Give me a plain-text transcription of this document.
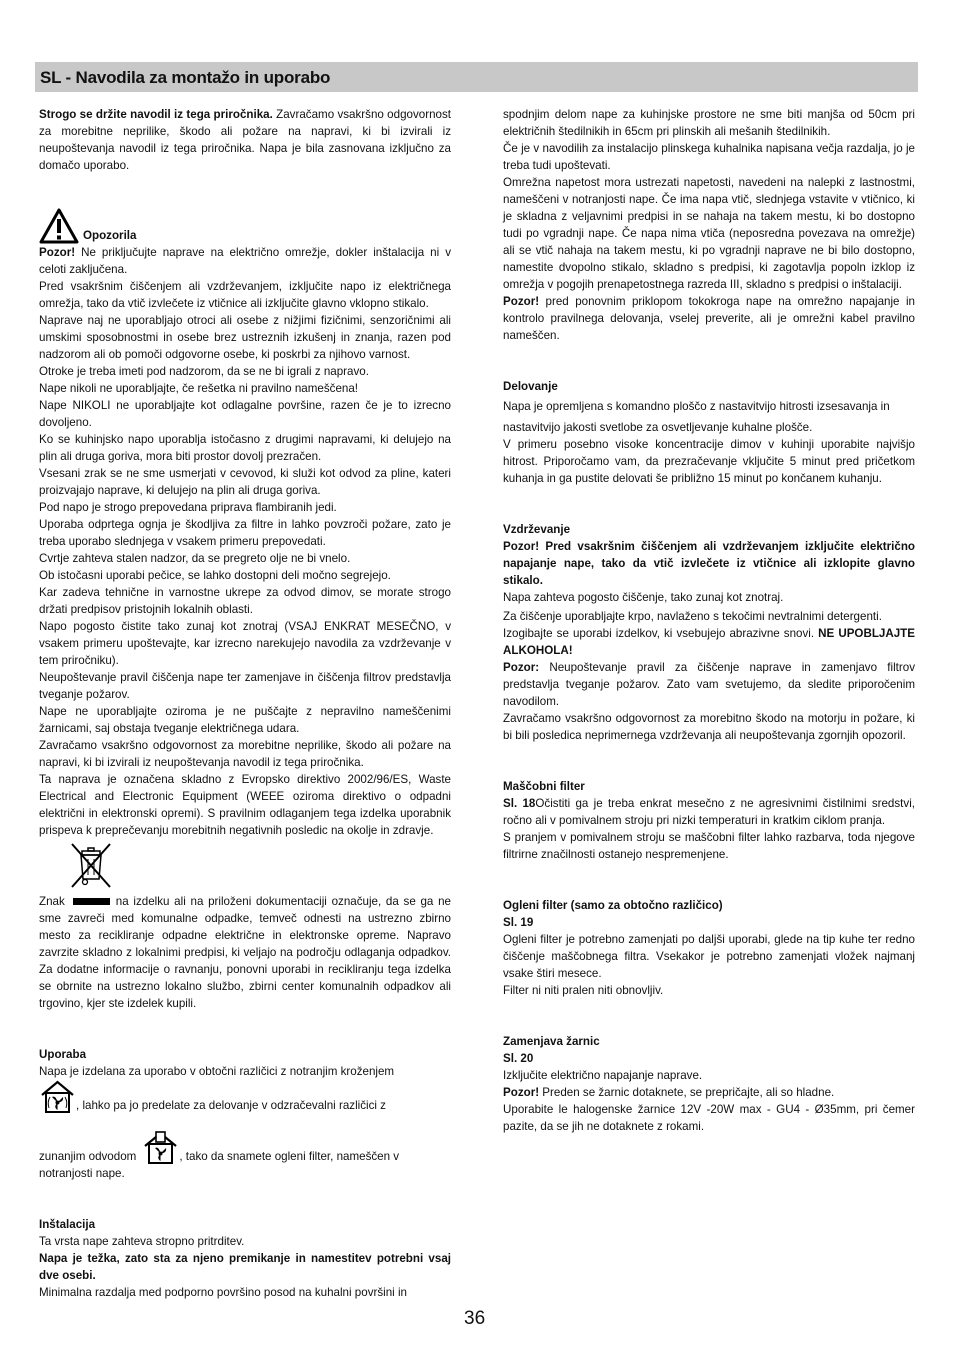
SL - Navodila za montažo in uporabo

Strogo se držite navodil iz tega priročnika. Zavračamo vsakršno odgovornost za morebitne neprilike, škodo ali požare na napravi, ki bi izvirali iz neupoštevanja navodil iz tega priročnika. Napa je bila zasnovana izključno za domačo uporabo.

Opozorila

Pozor! Ne priključujte naprave na električno omrežje, dokler inštalacija ni v celoti zaključena.

Pred vsakršnim čiščenjem ali vzdrževanjem, izključite napo iz električnega omrežja, tako da vtič izvlečete iz vtičnice ali izključite glavno vklopno stikalo.

Naprave naj ne uporabljajo otroci ali osebe z nižjimi fizičnimi, senzoričnimi ali umskimi sposobnostmi in osebe brez ustreznih izkušenj in znanja, razen pod nadzorom ali ob pomoči odgovorne osebe, ki poskrbi za njihovo varnost.

Otroke je treba imeti pod nadzorom, da se ne bi igrali z napravo.

Nape nikoli ne uporabljajte, če rešetka ni pravilno nameščena!

Nape NIKOLI ne uporabljajte kot odlagalne površine, razen če je to izrecno dovoljeno.

Ko se kuhinjsko napo uporablja istočasno z drugimi napravami, ki delujejo na plin ali druga goriva, mora biti prostor dovolj prezračen.

Vsesani zrak se ne sme usmerjati v cevovod, ki služi kot odvod za pline, kateri proizvajajo naprave, ki delujejo na plin ali druga goriva.

Pod napo je strogo prepovedana priprava flambiranih jedi.

Uporaba odprtega ognja je škodljiva za filtre in lahko povzroči požare, zato je treba uporabo slednjega v vsakem primeru prepovedati.

Cvrtje zahteva stalen nadzor, da se pregreto olje ne bi vnelo.

Ob istočasni uporabi pečice, se lahko dostopni deli močno segrejejo.

Kar zadeva tehnične in varnostne ukrepe za odvod dimov, se morate strogo držati predpisov pristojnih lokalnih oblasti.

Napo pogosto čistite tako zunaj kot znotraj (VSAJ ENKRAT MESEČNO, v vsakem primeru upoštevajte, kar izrecno narekujejo navodila za vzdrževanje v tem priročniku).

Neupoštevanje pravil čiščenja nape ter zamenjave in čiščenja filtrov predstavlja tveganje požarov.

Nape ne uporabljajte oziroma je ne puščajte z nepravilno nameščenimi žarnicami, saj obstaja tveganje električnega udara.

Zavračamo vsakršno odgovornost za morebitne neprilike, škodo ali požare na napravi, ki bi izvirali iz neupoštevanja navodil iz tega priročnika.

Ta naprava je označena skladno z Evropsko direktivo 2002/96/ES, Waste Electrical and Electronic Equipment (WEEE oziroma direktivo o odpadni električni in elektronski opremi). S pravilnim odlaganjem tega izdelka uporabnik prispeva k preprečevanju morebitnih negativnih posledic na okolje in zdravje.

Znak	na izdelku ali na priloženi dokumentaciji označuje, da se ga ne sme zavreči med komunalne odpadke, temveč odnesti na ustrezno zbirno mesto za recikliranje odpadne električne in elektronske opreme. Napravo zavrzite skladno z lokalnimi predpisi, ki veljajo na področju odlaganja odpadkov. Za dodatne informacije o ravnanju, ponovni uporabi in recikliranju tega izdelka se obrnite na ustrezno lokalno službo, zbirni center komunalnih odpadkov ali trgovino, kjer ste izdelek kupili.

Uporaba

Napa je izdelana za uporabo v obtočni različici z notranjim kroženjem

, lahko pa jo predelate za delovanje v odzračevalni različici z
zunanjim odvodom	, tako da snamete ogleni filter, nameščen v

notranjosti nape.

Inštalacija

Ta vrsta nape zahteva stropno pritrditev.

Napa je težka, zato sta za njeno premikanje in namestitev potrebni vsaj dve osebi.

Minimalna razdalja med podporno površino posod na kuhalni površini in

spodnjim delom nape za kuhinjske prostore ne sme biti manjša od 50cm pri električnih štedilnikih in 65cm pri plinskih ali mešanih štedilnikih.

Če je v navodilih za instalacijo plinskega kuhalnika napisana večja razdalja, jo je treba tudi upoštevati.

Omrežna napetost mora ustrezati napetosti, navedeni na nalepki z lastnostmi, nameščeni v notranjosti nape. Če ima napa vtič, slednjega vstavite v vtičnico, ki je skladna z veljavnimi predpisi in se nahaja na takem mestu, ki bo dostopno tudi po vgradnji nape. Če napa nima vtiča (neposredna povezava na omrežje) ali se vtič nahaja na takem mestu, ki po vgradnji naprave ne bi bilo dostopno, namestite dvopolno stikalo, skladno s predpisi, ki zagotavlja popoln izklop iz omrežja v pogojih prenapetostnega razreda III, skladno s predpisi o inštalaciji.

Pozor! pred ponovnim priklopom tokokroga nape na omrežno napajanje in kontrolo pravilnega delovanja, vselej preverite, ali je omrežni kabel pravilno nameščen.

Delovanje

Napa je opremljena s komandno ploščo z nastavitvijo hitrosti izsesavanja in

nastavitvijo jakosti svetlobe za osvetljevanje kuhalne plošče.

V primeru posebno visoke koncentracije dimov v kuhinji uporabite najvišjo hitrost. Priporočamo vam, da prezračevanje vključite 5 minut pred pričetkom kuhanja in ga pustite delovati še približno 15 minut po končanem kuhanju.

Vzdrževanje

Pozor! Pred vsakršnim čiščenjem ali vzdrževanjem izključite električno napajanje nape, tako da vtič izvlečete iz vtičnice ali izklopite glavno stikalo.

Napa zahteva pogosto čiščenje, tako zunaj kot znotraj.

Za čiščenje uporabljajte krpo, navlaženo s tekočimi nevtralnimi detergenti.

Izogibajte se uporabi izdelkov, ki vsebujejo abrazivne snovi. NE UPOBLJAJTE ALKOHOLA!

Pozor: Neupoštevanje pravil za čiščenje naprave in zamenjavo filtrov predstavlja tveganje požarov. Zato vam svetujemo, da sledite priporočenim navodilom.

Zavračamo vsakršno odgovornost za morebitno škodo na motorju in požare, ki bi bili posledica neprimernega vzdrževanja ali neupoštevanja zgornjih opozoril.

Maščobni filter

Sl. 18Očistiti ga je treba enkrat mesečno z ne agresivnimi čistilnimi sredstvi, ročno ali v pomivalnem stroju pri nizki temperaturi in kratkim ciklom pranja.

S pranjem v pomivalnem stroju se maščobni filter lahko razbarva, toda njegove filtrirne značilnosti ostanejo nespremenjene.

Ogleni filter (samo za obtočno različico)
Sl. 19

Ogleni filter je potrebno zamenjati po daljši uporabi, glede na tip kuhe ter redno čiščenje maščobnega filtra. Vsekakor je potrebno zamenjati vložek najmanj vsake štiri mesece.

Filter ni niti pralen niti obnovljiv.

Zamenjava žarnic
Sl. 20

Izključite električno napajanje naprave.

Pozor! Preden se žarnic dotaknete, se prepričajte, ali so hladne.

Uporabite le halogenske žarnice 12V -20W max - GU4 - Ø35mm, pri čemer pazite, da se jih ne dotaknete z rokami.

36
